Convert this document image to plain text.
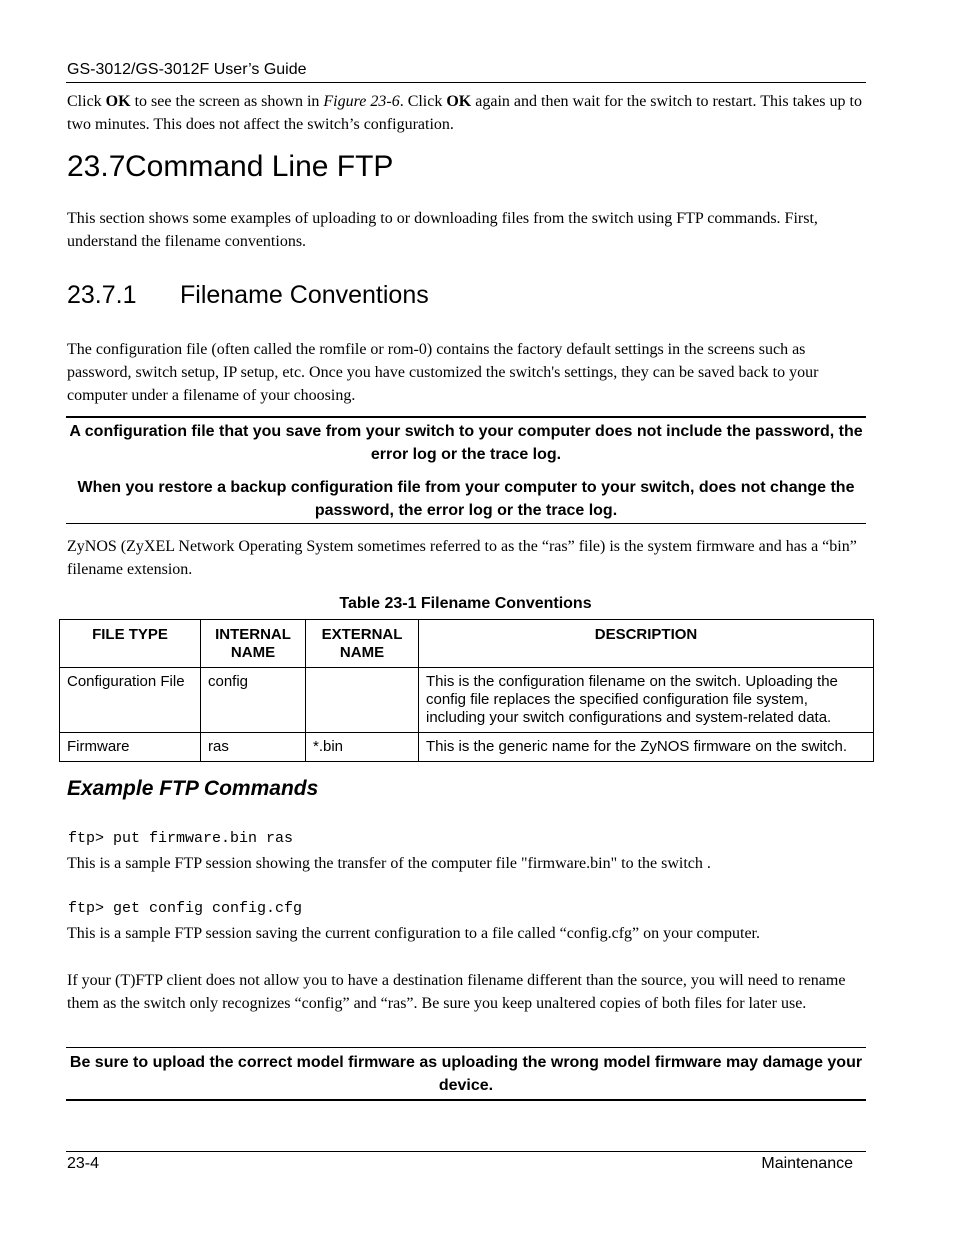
GS-3012/GS-3012F User’s Guide
Click OK to see the screen as shown in Figure 23-6. Click OK again and then wait for the switch to restart. This takes up to two minutes. This does not affect the switch’s configuration.
23.7Command Line FTP
This section shows some examples of uploading to or downloading files from the switch using FTP commands. First, understand the filename conventions.
23.7.1 Filename Conventions
The configuration file (often called the romfile or rom-0) contains the factory default settings in the screens such as password, switch setup, IP setup, etc. Once you have customized the switch's settings, they can be saved back to your computer under a filename of your choosing.
A configuration file that you save from your switch to your computer does not include the password, the error log or the trace log.
When you restore a backup configuration file from your computer to your switch, does not change the password, the error log or the trace log.
ZyNOS (ZyXEL Network Operating System sometimes referred to as the “ras” file) is the system firmware and has a “bin” filename extension.
Table 23-1 Filename Conventions
FILE TYPE	INTERNAL NAME	EXTERNAL NAME	DESCRIPTION
Configuration File	config		This is the configuration filename on the switch. Uploading the config file replaces the specified configuration file system, including your switch configurations and system-related data.
Firmware	ras	*.bin	This is the generic name for the ZyNOS firmware on the switch.
Example FTP Commands
ftp> put firmware.bin ras
This is a sample FTP session showing the transfer of the computer file "firmware.bin" to the switch .
ftp> get config config.cfg
This is a sample FTP session saving the current configuration to a file called “config.cfg” on your computer.
If your (T)FTP client does not allow you to have a destination filename different than the source, you will need to rename them as the switch only recognizes “config” and “ras”. Be sure you keep unaltered copies of both files for later use.
Be sure to upload the correct model firmware as uploading the wrong model firmware may damage your device.
23-4	Maintenance
